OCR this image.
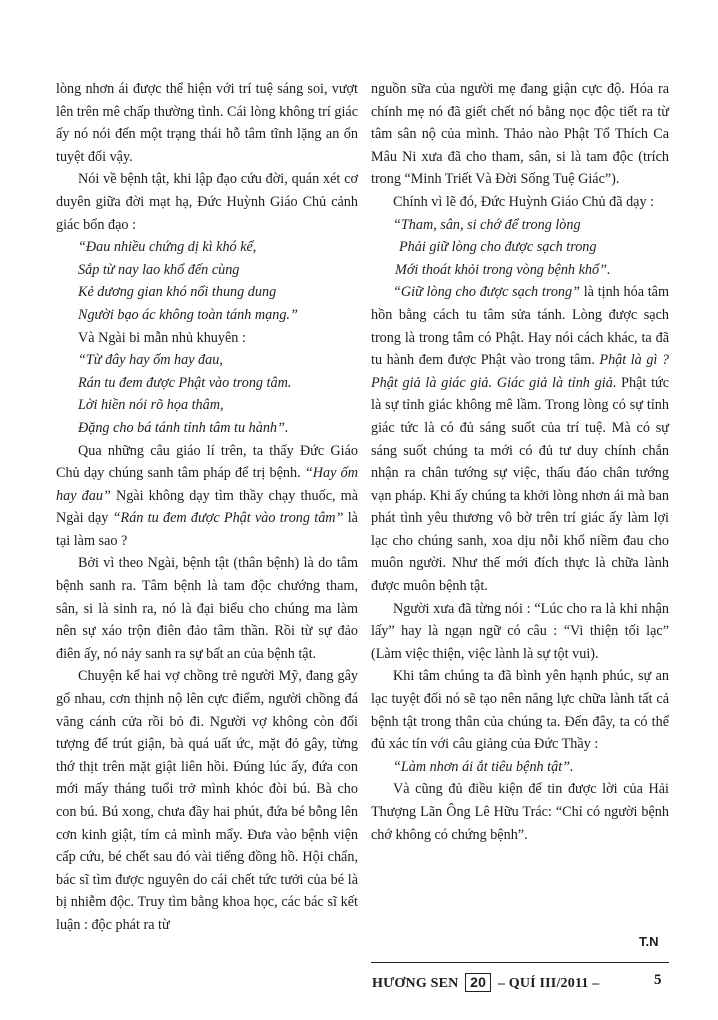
lòng nhơn ái được thể hiện với trí tuệ sáng soi, vượt lên trên mê chấp thường tình. Cái lòng không trí giác ấy nó nói đến một trạng thái hỗ tâm tĩnh lặng an ổn tuyệt đối vậy.

Nói về bệnh tật, khi lập đạo cứu đời, quán xét cơ duyên giữa đời mạt hạ, Đức Huỳnh Giáo Chủ cảnh giác bổn đạo :

“Đau nhiều chứng dị kì khó kể,

Sắp từ nay lao khổ đến cùng

Kẻ dương gian khó nổi thung dung

Người bạo ác không toàn tánh mạng.”

Và Ngài bi mẫn nhủ khuyên :

“Từ đây hay ốm hay đau,

Rán tu đem được Phật vào trong tâm.

Lời hiền nói rõ họa thâm,

Đặng cho bá tánh tỉnh tâm tu hành”.

Qua những câu giáo lí trên, ta thấy Đức Giáo Chủ dạy chúng sanh tâm pháp để trị bệnh. “Hay ốm hay đau” Ngài không dạy tìm thầy chạy thuốc, mà Ngài dạy “Rán tu đem được Phật vào trong tâm” là tại làm sao ?

Bởi vì theo Ngài, bệnh tật (thân bệnh) là do tâm bệnh sanh ra. Tâm bệnh là tam độc chướng tham, sân, si là sinh ra, nó là đại biểu cho chúng ma làm nên sự xáo trộn điên đảo tâm thần. Rồi từ sự đảo điên ấy, nó nảy sanh ra sự bất an của bệnh tật.

Chuyện kể hai vợ chồng trẻ người Mỹ, đang gây gổ nhau, cơn thịnh nộ lên cực điểm, người chồng đá văng cánh cửa rồi bỏ đi. Người vợ không còn đối tượng để trút giận, bà quá uất ức, mặt đỏ gây, từng thớ thịt trên mặt giật liên hồi. Đúng lúc ấy, đứa con mới mấy tháng tuổi trở mình khóc đòi bú. Bà cho con bú. Bú xong, chưa đầy hai phút, đứa bé bỗng lên cơn kinh giật, tím cả mình mẩy. Đưa vào bệnh viện cấp cứu, bé chết sau đó vài tiếng đồng hồ. Hội chẩn, bác sĩ tìm được nguyên do cái chết tức tưởi của bé là bị nhiễm độc. Truy tìm bằng khoa học, các bác sĩ kết luận : độc phát ra từ

nguồn sữa của người mẹ đang giận cực độ. Hóa ra chính mẹ nó đã giết chết nó bằng nọc độc tiết ra từ tâm sân nộ của mình. Thảo nào Phật Tổ Thích Ca Mâu Ni xưa đã cho tham, sân, si là tam độc (trích trong “Minh Triết Và Đời Sống Tuệ Giác”).

Chính vì lẽ đó, Đức Huỳnh Giáo Chủ đã dạy :

“Tham, sân, si chớ để trong lòng

Phải giữ lòng cho được sạch trong

Mới thoát khỏi trong vòng bệnh khổ”.

“Giữ lòng cho được sạch trong” là tịnh hóa tâm hồn bằng cách tu tâm sửa tánh. Lòng được sạch trong là trong tâm có Phật. Hay nói cách khác, ta đã tu hành đem được Phật vào trong tâm. Phật là gì ? Phật giả là giác giả. Giác giả là tỉnh giả. Phật tức là sự tỉnh giác không mê lầm. Trong lòng có sự tỉnh giác tức là có đủ sáng suốt của trí tuệ. Mà có sự sáng suốt chúng ta mới có đủ tư duy chính chắn nhận ra chân tướng sự việc, thấu đáo chân tướng vạn pháp. Khi ấy chúng ta khởi lòng nhơn ái mà ban phát tình yêu thương vô bờ trên trí giác ấy làm lợi lạc cho chúng sanh, xoa dịu nỗi khổ niềm đau cho muôn người. Như thế mới đích thực là chữa lành được muôn bệnh tật.

Người xưa đã từng nói : “Lúc cho ra là khi nhận lấy” hay là ngạn ngữ có câu : “Vi thiện tối lạc” (Làm việc thiện, việc lành là sự tột vui).

Khi tâm chúng ta đã bình yên hạnh phúc, sự an lạc tuyệt đối nó sẽ tạo nên năng lực chữa lành tất cả bệnh tật trong thân của chúng ta. Đến đây, ta có thể đủ xác tín với câu giảng của Đức Thầy :

“Làm nhơn ái ắt tiêu bệnh tật”.

Và cũng đủ điều kiện để tin được lời của Hải Thượng Lãn Ông Lê Hữu Trác: “Chỉ có người bệnh chớ không có chứng bệnh”.

T.N
HƯƠNG SEN 20 – QUÍ III/2011 –	5
